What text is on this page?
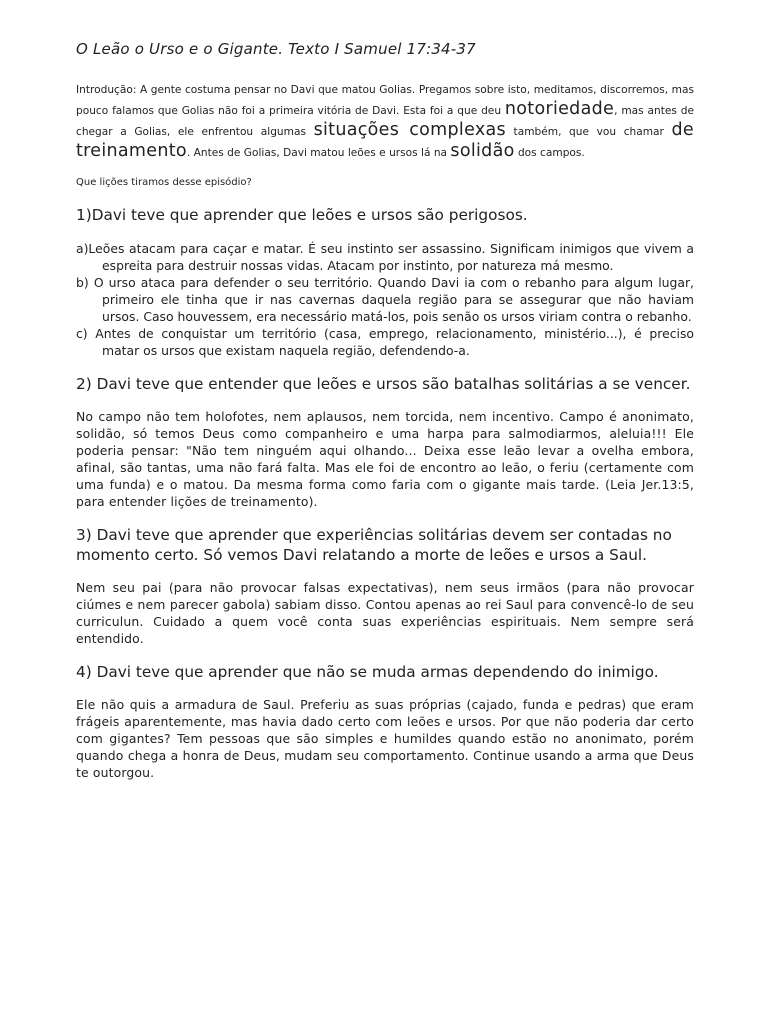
O Leão o Urso e o Gigante. Texto I Samuel 17:34-37

Introdução: A gente costuma pensar no Davi que matou Golias. Pregamos sobre isto, meditamos, discorremos, mas pouco falamos que Golias não foi a primeira vitória de Davi. Esta foi a que deu notoriedade, mas antes de chegar a Golias, ele enfrentou algumas situações complexas também, que vou chamar de treinamento. Antes de Golias, Davi matou leões e ursos lá na solidão dos campos.

Que lições tiramos desse episódio?
1)Davi teve que aprender que leões e ursos são perigosos.
a)Leões atacam para caçar e matar. É seu instinto ser assassino. Significam inimigos que vivem a espreita para destruir nossas vidas. Atacam por instinto, por natureza má mesmo.
b) O urso ataca para defender o seu território. Quando Davi ia com o rebanho para algum lugar, primeiro ele tinha que ir nas cavernas daquela região para se assegurar que não haviam ursos. Caso houvessem, era necessário matá-los, pois senão os ursos viriam contra o rebanho.
c) Antes de conquistar um território (casa, emprego, relacionamento, ministério...), é preciso matar os ursos que existam naquela região, defendendo-a.
2) Davi teve que entender que leões e ursos são batalhas solitárias a se vencer.

No campo não tem holofotes, nem aplausos, nem torcida, nem incentivo. Campo é anonimato, solidão, só temos Deus como companheiro e uma harpa para salmodiarmos, aleluia!!! Ele poderia pensar: "Não tem ninguém aqui olhando... Deixa esse leão levar a ovelha embora, afinal, são tantas, uma não fará falta. Mas ele foi de encontro ao leão, o feriu (certamente com uma funda) e o matou. Da mesma forma como faria com o gigante mais tarde. (Leia Jer.13:5, para entender lições de treinamento).

3) Davi teve que aprender que experiências solitárias devem ser contadas no momento certo. Só vemos Davi relatando a morte de leões e ursos a Saul.

Nem seu pai (para não provocar falsas expectativas), nem seus irmãos (para não provocar ciúmes e nem parecer gabola) sabiam disso. Contou apenas ao rei Saul para convencê-lo de seu curriculun. Cuidado a quem você conta suas experiências espirituais. Nem sempre será entendido.

4) Davi teve que aprender que não se muda armas dependendo do inimigo.

Ele não quis a armadura de Saul. Preferiu as suas próprias (cajado, funda e pedras) que eram frágeis aparentemente, mas havia dado certo com leões e ursos. Por que não poderia dar certo com gigantes? Tem pessoas que são simples e humildes quando estão no anonimato, porém quando chega a honra de Deus, mudam seu comportamento. Continue usando a arma que Deus te outorgou.
